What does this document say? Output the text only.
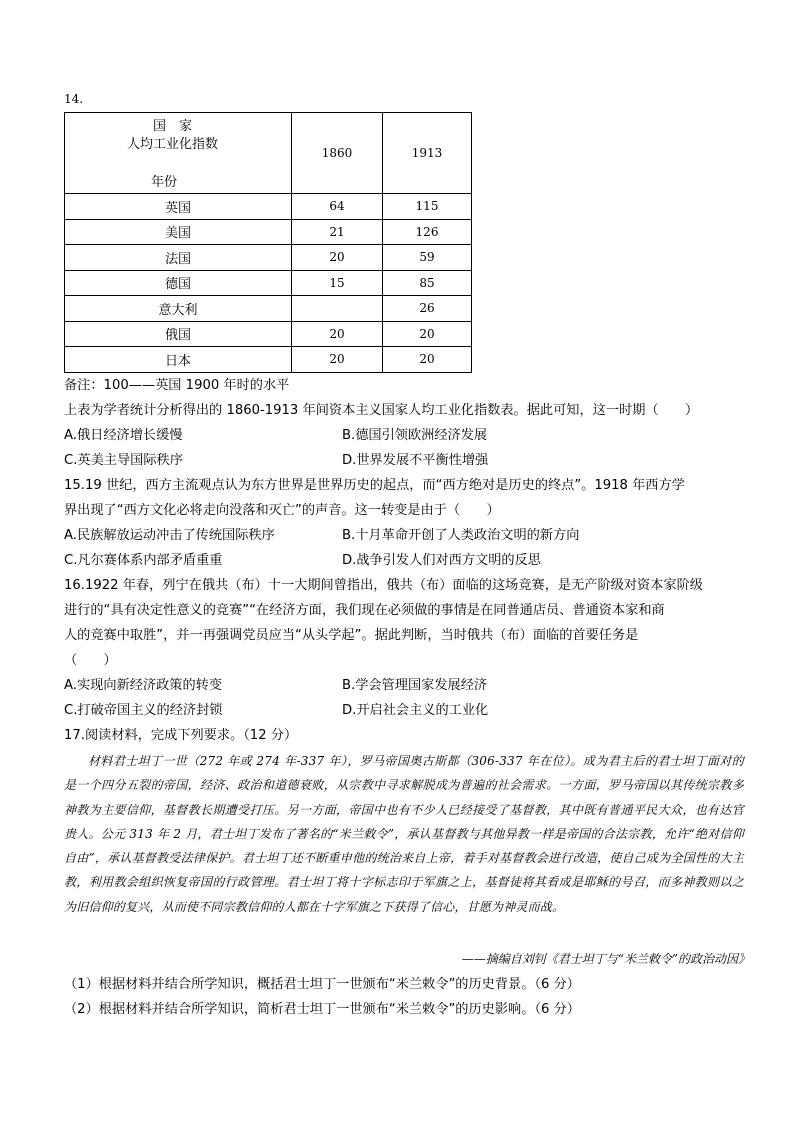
14.
国　家
人均工业化指数
年份	1860	1913
英国	64	115
美国	21	126
法国	20	59
德国	15	85
意大利		26
俄国	20	20
日本	20	20
备注：100——英国 1900 年时的水平
上表为学者统计分析得出的 1860-1913 年间资本主义国家人均工业化指数表。据此可知，这一时期（　　）
A.俄日经济增长缓慢	B.德国引领欧洲经济发展
C.英美主导国际秩序	D.世界发展不平衡性增强
15.19 世纪，西方主流观点认为东方世界是世界历史的起点，而“西方绝对是历史的终点”。1918 年西方学
界出现了“西方文化必将走向没落和灭亡”的声音。这一转变是由于（　　）
A.民族解放运动冲击了传统国际秩序	B.十月革命开创了人类政治文明的新方向
C.凡尔赛体系内部矛盾重重	D.战争引发人们对西方文明的反思
16.1922 年春，列宁在俄共（布）十一大期间曾指出，俄共（布）面临的这场竞赛，是无产阶级对资本家阶级
进行的“具有决定性意义的竞赛”“在经济方面，我们现在必须做的事情是在同普通店员、普通资本家和商
人的竞赛中取胜”，并一再强调党员应当“从头学起”。据此判断，当时俄共（布）面临的首要任务是
（　　）
A.实现向新经济政策的转变	B.学会管理国家发展经济
C.打破帝国主义的经济封锁	D.开启社会主义的工业化
17.阅读材料，完成下列要求。（12 分）

材料君士坦丁一世（272 年或 274 年-337 年），罗马帝国奥古斯都（306-337 年在位）。成为君主后的君士坦丁面对的是一个四分五裂的帝国，经济、政治和道德衰败，从宗教中寻求解脱成为普遍的社会需求。一方面，罗马帝国以其传统宗教多神教为主要信仰，基督教长期遭受打压。另一方面，帝国中也有不少人已经接受了基督教，其中既有普通平民大众，也有达官贵人。公元 313 年 2 月，君士坦丁发布了著名的“米兰敕令”，承认基督教与其他异教一样是帝国的合法宗教，允许“绝对信仰自由”，承认基督教受法律保护。君士坦丁还不断重申他的统治来自上帝，着手对基督教会进行改造，使自己成为全国性的大主教，利用教会组织恢复帝国的行政管理。君士坦丁将十字标志印于军旗之上，基督徒将其看成是耶稣的号召，而多神教则以之为旧信仰的复兴，从而使不同宗教信仰的人都在十字军旗之下获得了信心，甘愿为神灵而战。

——摘编自刘钊《君士坦丁与“米兰敕令”的政治动因》
（1）根据材料并结合所学知识，概括君士坦丁一世颁布“米兰敕令”的历史背景。（6 分）
（2）根据材料并结合所学知识，简析君士坦丁一世颁布“米兰敕令”的历史影响。（6 分）
